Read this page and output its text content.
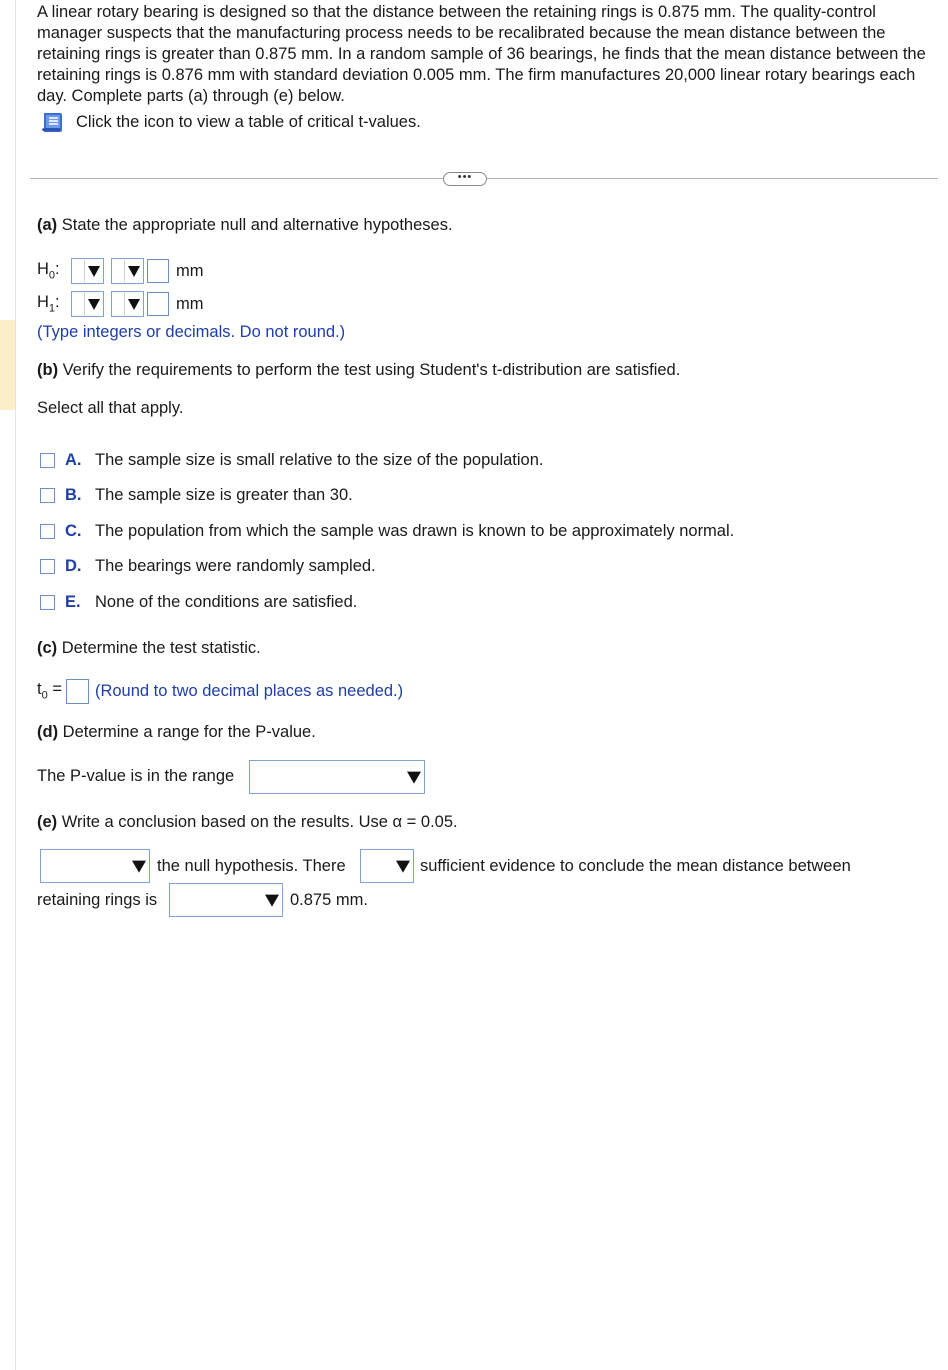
A linear rotary bearing is designed so that the distance between the retaining rings is 0.875 mm. The quality-control manager suspects that the manufacturing process needs to be recalibrated because the mean distance between the retaining rings is greater than 0.875 mm. In a random sample of 36 bearings, he finds that the mean distance between the retaining rings is 0.876 mm with standard deviation 0.005 mm. The firm manufactures 20,000 linear rotary bearings each day. Complete parts (a) through (e) below.
Click the icon to view a table of critical t-values.
•••
(a) State the appropriate null and alternative hypotheses.
$H_0$:	mm
$H_1$:	mm
(Type integers or decimals. Do not round.)
(b) Verify the requirements to perform the test using Student's t-distribution are satisfied.
Select all that apply.
A. The sample size is small relative to the size of the population.
B. The sample size is greater than 30.
C. The population from which the sample was drawn is known to be approximately normal.
D. The bearings were randomly sampled.
E. None of the conditions are satisfied.
(c) Determine the test statistic.
$t_0$ = (Round to two decimal places as needed.)
(d) Determine a range for the P-value.
The P-value is in the range
(e) Write a conclusion based on the results. Use α = 0.05.
the null hypothesis. There	sufficient evidence to conclude the mean distance between
retaining rings is	0.875 mm.
